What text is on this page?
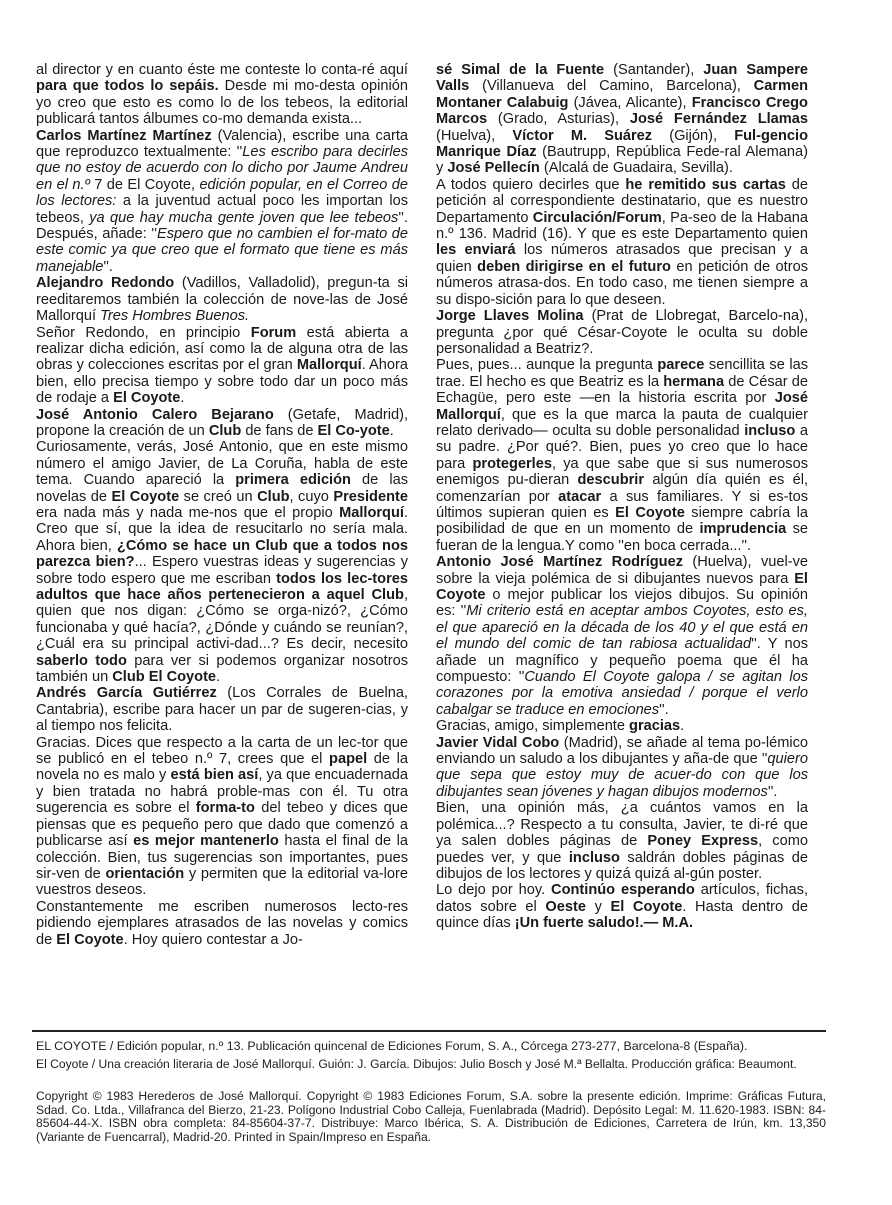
al director y en cuanto éste me conteste lo conta-ré aquí para que todos lo sepáis. Desde mi mo-desta opinión yo creo que esto es como lo de los tebeos, la editorial publicará tantos álbumes co-mo demanda exista...

Carlos Martínez Martínez (Valencia), escribe una carta que reproduzco textualmente: ''Les escribo para decirles que no estoy de acuerdo con lo dicho por Jaume Andreu en el n.º 7 de El Coyote, edición popular, en el Correo de los lectores: a la juventud actual poco les importan los tebeos, ya que hay mucha gente joven que lee tebeos''. Después, añade: ''Espero que no cambien el for-mato de este comic ya que creo que el formato que tiene es más manejable''.

Alejandro Redondo (Vadillos, Valladolid), pregun-ta si reeditaremos también la colección de nove-las de José Mallorquí Tres Hombres Buenos.

Señor Redondo, en principio Forum está abierta a realizar dicha edición, así como la de alguna otra de las obras y colecciones escritas por el gran Mallorquí. Ahora bien, ello precisa tiempo y sobre todo dar un poco más de rodaje a El Coyote.

José Antonio Calero Bejarano (Getafe, Madrid), propone la creación de un Club de fans de El Co-yote.

Curiosamente, verás, José Antonio, que en este mismo número el amigo Javier, de La Coruña, habla de este tema. Cuando apareció la primera edición de las novelas de El Coyote se creó un Club, cuyo Presidente era nada más y nada me-nos que el propio Mallorquí. Creo que sí, que la idea de resucitarlo no sería mala. Ahora bien, ¿Cómo se hace un Club que a todos nos parezca bien?... Espero vuestras ideas y sugerencias y sobre todo espero que me escriban todos los lec-tores adultos que hace años pertenecieron a aquel Club, quien que nos digan: ¿Cómo se orga-nizó?, ¿Cómo funcionaba y qué hacía?, ¿Dónde y cuándo se reunían?, ¿Cuál era su principal activi-dad...? Es decir, necesito saberlo todo para ver si podemos organizar nosotros también un Club El Coyote.

Andrés García Gutiérrez (Los Corrales de Buelna, Cantabria), escribe para hacer un par de sugeren-cias, y al tiempo nos felicita.

Gracias. Dices que respecto a la carta de un lec-tor que se publicó en el tebeo n.º 7, crees que el papel de la novela no es malo y está bien así, ya que encuadernada y bien tratada no habrá proble-mas con él. Tu otra sugerencia es sobre el forma-to del tebeo y dices que piensas que es pequeño pero que dado que comenzó a publicarse así es mejor mantenerlo hasta el final de la colección. Bien, tus sugerencias son importantes, pues sir-ven de orientación y permiten que la editorial va-lore vuestros deseos.

Constantemente me escriben numerosos lecto-res pidiendo ejemplares atrasados de las novelas y comics de El Coyote. Hoy quiero contestar a Jo-

sé Simal de la Fuente (Santander), Juan Sampere Valls (Villanueva del Camino, Barcelona), Carmen Montaner Calabuig (Jávea, Alicante), Francisco Crego Marcos (Grado, Asturias), José Fernández Llamas (Huelva), Víctor M. Suárez (Gijón), Ful-gencio Manrique Díaz (Bautrupp, República Fede-ral Alemana) y José Pellecín (Alcalá de Guadaira, Sevilla).

A todos quiero decirles que he remitido sus cartas de petición al correspondiente destinatario, que es nuestro Departamento Circulación/Forum, Pa-seo de la Habana n.º 136. Madrid (16). Y que es este Departamento quien les enviará los números atrasados que precisan y a quien deben dirigirse en el futuro en petición de otros números atrasa-dos. En todo caso, me tienen siempre a su dispo-sición para lo que deseen.

Jorge Llaves Molina (Prat de Llobregat, Barcelo-na), pregunta ¿por qué César-Coyote le oculta su doble personalidad a Beatriz?.

Pues, pues... aunque la pregunta parece sencillita se las trae. El hecho es que Beatriz es la hermana de César de Echagüe, pero este —en la historia escrita por José Mallorquí, que es la que marca la pauta de cualquier relato derivado— oculta su doble personalidad incluso a su padre. ¿Por qué?. Bien, pues yo creo que lo hace para protegerles, ya que sabe que si sus numerosos enemigos pu-dieran descubrir algún día quién es él, comenzarían por atacar a sus familiares. Y si es-tos últimos supieran quien es El Coyote siempre cabría la posibilidad de que en un momento de imprudencia se fueran de la lengua.Y como ''en boca cerrada...''.

Antonio José Martínez Rodríguez (Huelva), vuel-ve sobre la vieja polémica de si dibujantes nuevos para El Coyote o mejor publicar los viejos dibujos. Su opinión es: ''Mi criterio está en aceptar ambos Coyotes, esto es, el que apareció en la década de los 40 y el que está en el mundo del comic de tan rabiosa actualidad''. Y nos añade un magnífico y pequeño poema que él ha compuesto: ''Cuando El Coyote galopa / se agitan los corazones por la emotiva ansiedad / porque el verlo cabalgar se traduce en emociones''.

Gracias, amigo, simplemente gracias.

Javier Vidal Cobo (Madrid), se añade al tema po-lémico enviando un saludo a los dibujantes y aña-de que ''quiero que sepa que estoy muy de acuer-do con que los dibujantes sean jóvenes y hagan dibujos modernos''.

Bien, una opinión más, ¿a cuántos vamos en la polémica...? Respecto a tu consulta, Javier, te di-ré que ya salen dobles páginas de Poney Express, como puedes ver, y que incluso saldrán dobles páginas de dibujos de los lectores y quizá quizá al-gún poster.

Lo dejo por hoy. Continúo esperando artículos, fichas, datos sobre el Oeste y El Coyote. Hasta dentro de quince días ¡Un fuerte saludo!.— M.A.

EL COYOTE / Edición popular, n.º 13. Publicación quincenal de Ediciones Forum, S. A., Córcega 273-277, Barcelona-8 (España).
El Coyote / Una creación literaria de José Mallorquí. Guión: J. García. Dibujos: Julio Bosch y José M.ª Bellalta. Producción gráfica: Beaumont.
Copyright © 1983 Herederos de José Mallorquí. Copyright © 1983 Ediciones Forum, S.A. sobre la presente edición. Imprime: Gráficas Futura, Sdad. Co. Ltda., Villafranca del Bierzo, 21-23. Polígono Industrial Cobo Calleja, Fuenlabrada (Madrid). Depósito Legal: M. 11.620-1983. ISBN: 84-85604-44-X. ISBN obra completa: 84-85604-37-7. Distribuye: Marco Ibérica, S. A. Distribución de Ediciones, Carretera de Irún, km. 13,350 (Variante de Fuencarral), Madrid-20. Printed in Spain/Impreso en España.
